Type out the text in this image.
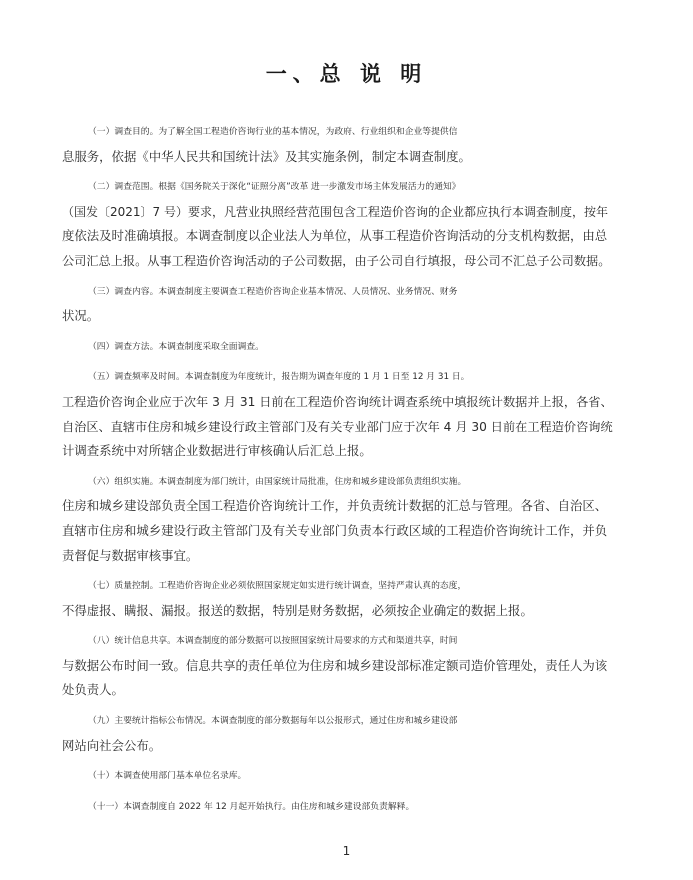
一、总 说 明

（一）调查目的。为了解全国工程造价咨询行业的基本情况，为政府、行业组织和企业等提供信
息服务，依据《中华人民共和国统计法》及其实施条例，制定本调查制度。

（二）调查范围。根据《国务院关于深化“证照分离”改革 进一步激发市场主体发展活力的通知》
（国发〔2021〕7 号）要求，凡营业执照经营范围包含工程造价咨询的企业都应执行本调查制度，按年
度依法及时准确填报。本调查制度以企业法人为单位，从事工程造价咨询活动的分支机构数据，由总
公司汇总上报。从事工程造价咨询活动的子公司数据，由子公司自行填报，母公司不汇总子公司数据。

（三）调查内容。本调查制度主要调查工程造价咨询企业基本情况、人员情况、业务情况、财务
状况。

（四）调查方法。本调查制度采取全面调查。

（五）调查频率及时间。本调查制度为年度统计，报告期为调查年度的 1 月 1 日至 12 月 31 日。
工程造价咨询企业应于次年 3 月 31 日前在工程造价咨询统计调查系统中填报统计数据并上报，各省、
自治区、直辖市住房和城乡建设行政主管部门及有关专业部门应于次年 4 月 30 日前在工程造价咨询统
计调查系统中对所辖企业数据进行审核确认后汇总上报。

（六）组织实施。本调查制度为部门统计，由国家统计局批准，住房和城乡建设部负责组织实施。
住房和城乡建设部负责全国工程造价咨询统计工作，并负责统计数据的汇总与管理。各省、自治区、
直辖市住房和城乡建设行政主管部门及有关专业部门负责本行政区域的工程造价咨询统计工作，并负
责督促与数据审核事宜。

（七）质量控制。工程造价咨询企业必须依照国家规定如实进行统计调查，坚持严肃认真的态度，
不得虚报、瞒报、漏报。报送的数据，特别是财务数据，必须按企业确定的数据上报。

（八）统计信息共享。本调查制度的部分数据可以按照国家统计局要求的方式和渠道共享，时间
与数据公布时间一致。信息共享的责任单位为住房和城乡建设部标准定额司造价管理处，责任人为该
处负责人。

（九）主要统计指标公布情况。本调查制度的部分数据每年以公报形式，通过住房和城乡建设部
网站向社会公布。

（十）本调查使用部门基本单位名录库。

（十一）本调查制度自 2022 年 12 月起开始执行。由住房和城乡建设部负责解释。

1
